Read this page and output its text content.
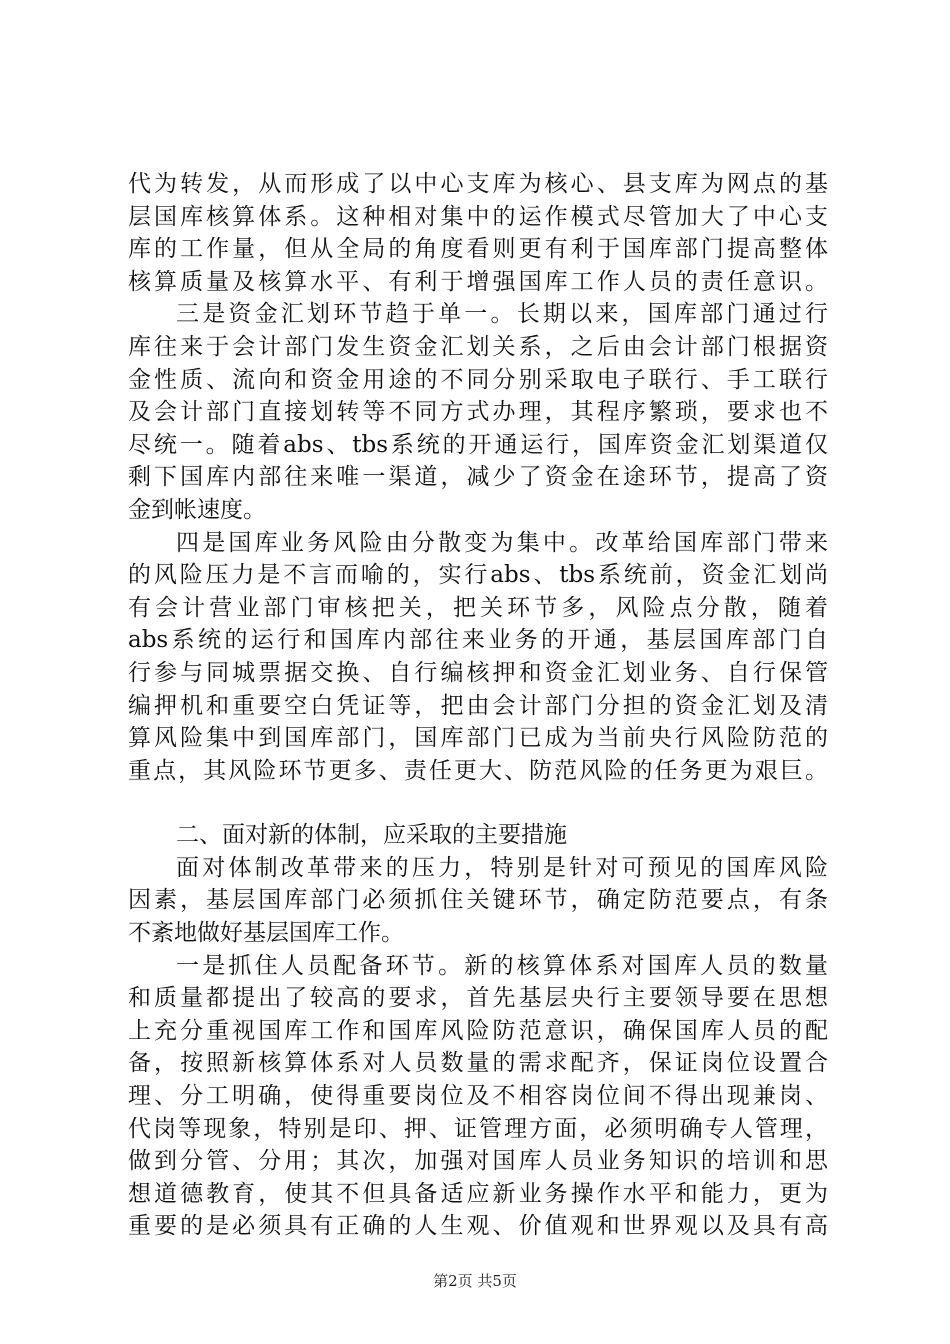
代为转发，从而形成了以中心支库为核心、县支库为网点的基
层国库核算体系。这种相对集中的运作模式尽管加大了中心支
库的工作量，但从全局的角度看则更有利于国库部门提高整体
核算质量及核算水平、有利于增强国库工作人员的责任意识。
三是资金汇划环节趋于单一。长期以来，国库部门通过行
库往来于会计部门发生资金汇划关系，之后由会计部门根据资
金性质、流向和资金用途的不同分别采取电子联行、手工联行
及会计部门直接划转等不同方式办理，其程序繁琐，要求也不
尽统一。随着abs、tbs系统的开通运行，国库资金汇划渠道仅
剩下国库内部往来唯一渠道，减少了资金在途环节，提高了资
金到帐速度。
四是国库业务风险由分散变为集中。改革给国库部门带来
的风险压力是不言而喻的，实行abs、tbs系统前，资金汇划尚
有会计营业部门审核把关，把关环节多，风险点分散，随着
abs系统的运行和国库内部往来业务的开通，基层国库部门自
行参与同城票据交换、自行编核押和资金汇划业务、自行保管
编押机和重要空白凭证等，把由会计部门分担的资金汇划及清
算风险集中到国库部门，国库部门已成为当前央行风险防范的
重点，其风险环节更多、责任更大、防范风险的任务更为艰巨。
二、面对新的体制，应采取的主要措施
面对体制改革带来的压力，特别是针对可预见的国库风险
因素，基层国库部门必须抓住关键环节，确定防范要点，有条
不紊地做好基层国库工作。
一是抓住人员配备环节。新的核算体系对国库人员的数量
和质量都提出了较高的要求，首先基层央行主要领导要在思想
上充分重视国库工作和国库风险防范意识，确保国库人员的配
备，按照新核算体系对人员数量的需求配齐，保证岗位设置合
理、分工明确，使得重要岗位及不相容岗位间不得出现兼岗、
代岗等现象，特别是印、押、证管理方面，必须明确专人管理，
做到分管、分用；其次，加强对国库人员业务知识的培训和思
想道德教育，使其不但具备适应新业务操作水平和能力，更为
重要的是必须具有正确的人生观、价值观和世界观以及具有高
第2页 共5页
